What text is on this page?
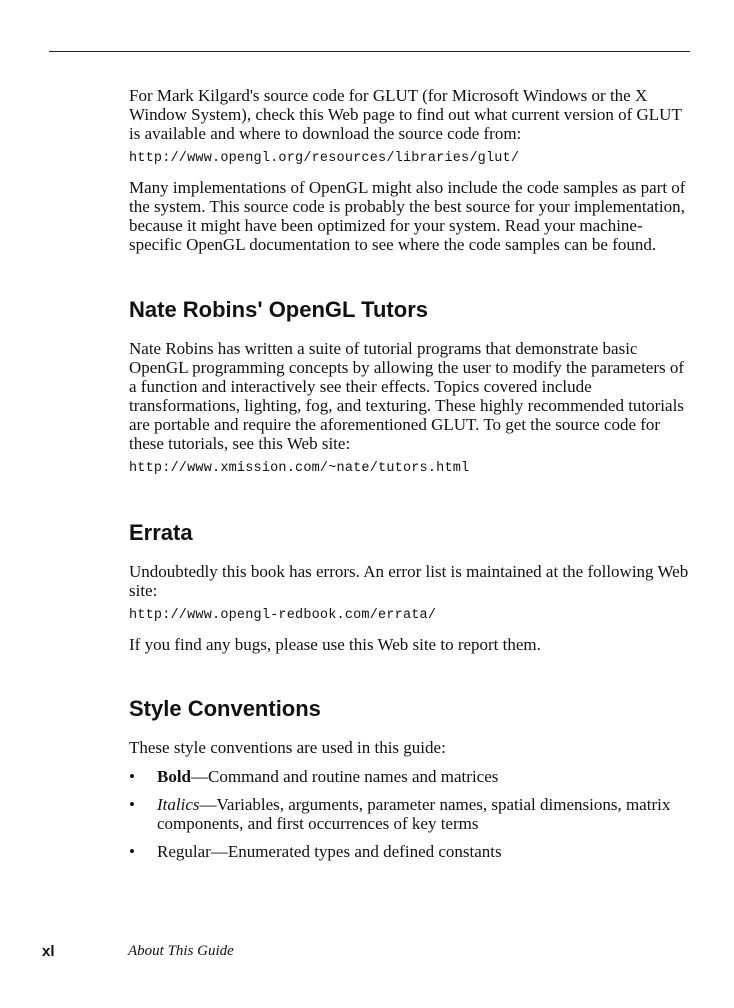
For Mark Kilgard's source code for GLUT (for Microsoft Windows or the X Window System), check this Web page to find out what current version of GLUT is available and where to download the source code from:

http://www.opengl.org/resources/libraries/glut/

Many implementations of OpenGL might also include the code samples as part of the system. This source code is probably the best source for your implementation, because it might have been optimized for your system. Read your machine-specific OpenGL documentation to see where the code samples can be found.

Nate Robins' OpenGL Tutors

Nate Robins has written a suite of tutorial programs that demonstrate basic OpenGL programming concepts by allowing the user to modify the parameters of a function and interactively see their effects. Topics covered include transformations, lighting, fog, and texturing. These highly recommended tutorials are portable and require the aforementioned GLUT. To get the source code for these tutorials, see this Web site:

http://www.xmission.com/~nate/tutors.html

Errata

Undoubtedly this book has errors. An error list is maintained at the following Web site:

http://www.opengl-redbook.com/errata/

If you find any bugs, please use this Web site to report them.

Style Conventions

These style conventions are used in this guide:

• Bold—Command and routine names and matrices
• Italics—Variables, arguments, parameter names, spatial dimensions, matrix components, and first occurrences of key terms
• Regular—Enumerated types and defined constants
xl	About This Guide
